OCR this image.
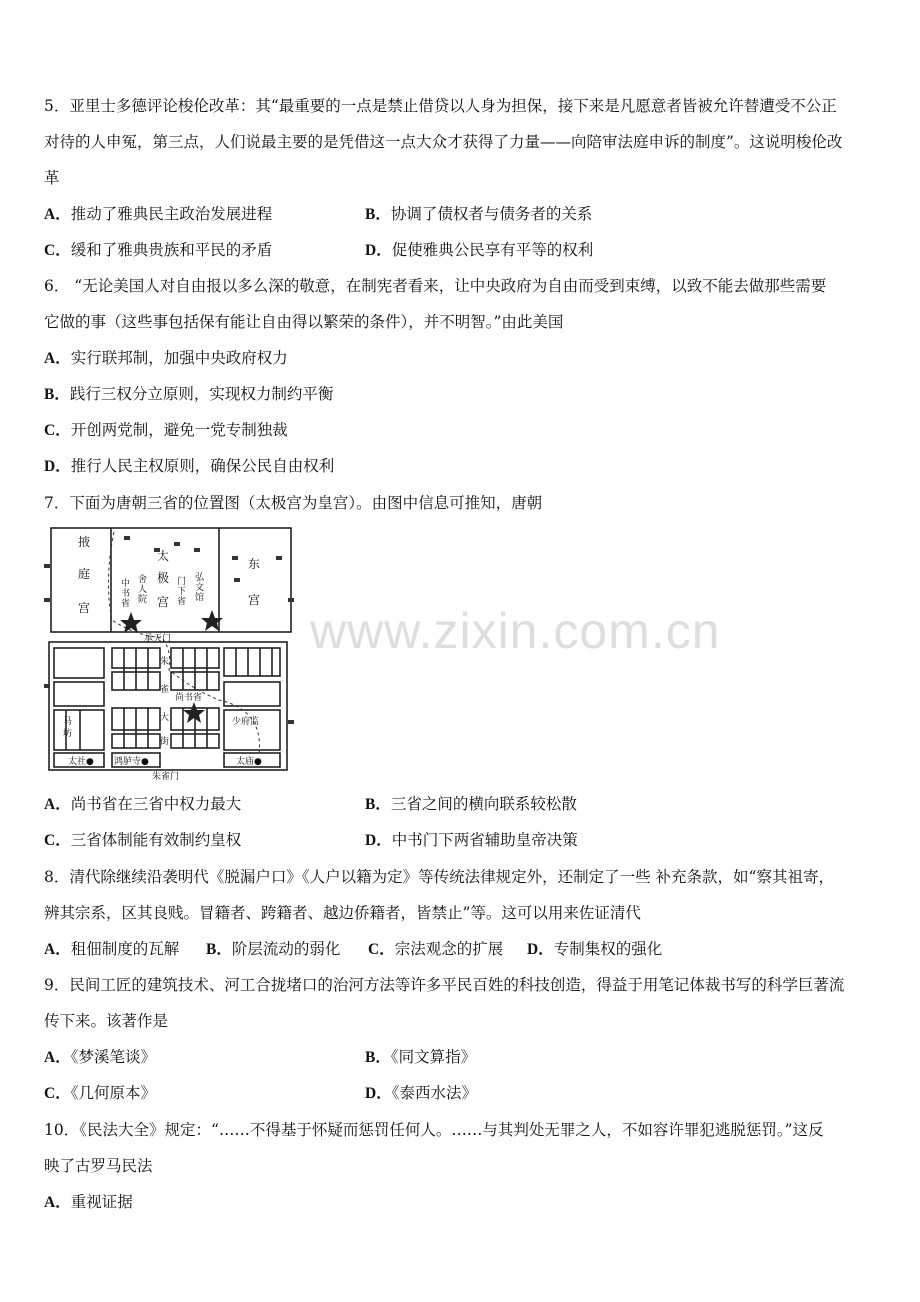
5．亚里士多德评论梭伦改革：其“最重要的一点是禁止借贷以人身为担保，接下来是凡愿意者皆被允许替遭受不公正
对待的人申冤，第三点，人们说最主要的是凭借这一点大众才获得了力量——向陪审法庭申诉的制度”。这说明梭伦改
革
A．推动了雅典民主政治发展进程	B．协调了债权者与债务者的关系
C．缓和了雅典贵族和平民的矛盾	D．促使雅典公民享有平等的权利
6． “无论美国人对自由报以多么深的敬意，在制宪者看来，让中央政府为自由而受到束缚，以致不能去做那些需要
它做的事（这些事包括保有能让自由得以繁荣的条件），并不明智。”由此美国
A．实行联邦制，加强中央政府权力
B．践行三权分立原则，实现权力制约平衡
C．开创两党制，避免一党专制独裁
D．推行人民主权原则，确保公民自由权利
7．下面为唐朝三省的位置图（太极宫为皇宫）。由图中信息可推知，唐朝
掖
庭
宫
太
极
宫
东
宫
中
书
省
舍
人
院
门
下
省
弘
文
馆
承天门
朱
雀
大
街
尚书省
马
坊
少府监
太社● 鸿胪寺●	太庙●
朱雀门
www.zixin.com.cn
A．尚书省在三省中权力最大	B．三省之间的横向联系较松散
C．三省体制能有效制约皇权	D．中书门下两省辅助皇帝决策
8．清代除继续沿袭明代《脱漏户口》《人户以籍为定》等传统法律规定外，还制定了一些 补充条款，如“察其祖寄，
辨其宗系，区其良贱。冒籍者、跨籍者、越边侨籍者，皆禁止”等。这可以用来佐证清代
A．租佃制度的瓦解 B．阶层流动的弱化 C．宗法观念的扩展 D．专制集权的强化
9．民间工匠的建筑技术、河工合拢堵口的治河方法等许多平民百姓的科技创造，得益于用笔记体裁书写的科学巨著流
传下来。该著作是
A．《梦溪笔谈》	B．《同文算指》
C．《几何原本》	D．《泰西水法》
10．《民法大全》规定：“……不得基于怀疑而惩罚任何人。……与其判处无罪之人，不如容许罪犯逃脱惩罚。”这反
映了古罗马民法
A．重视证据
